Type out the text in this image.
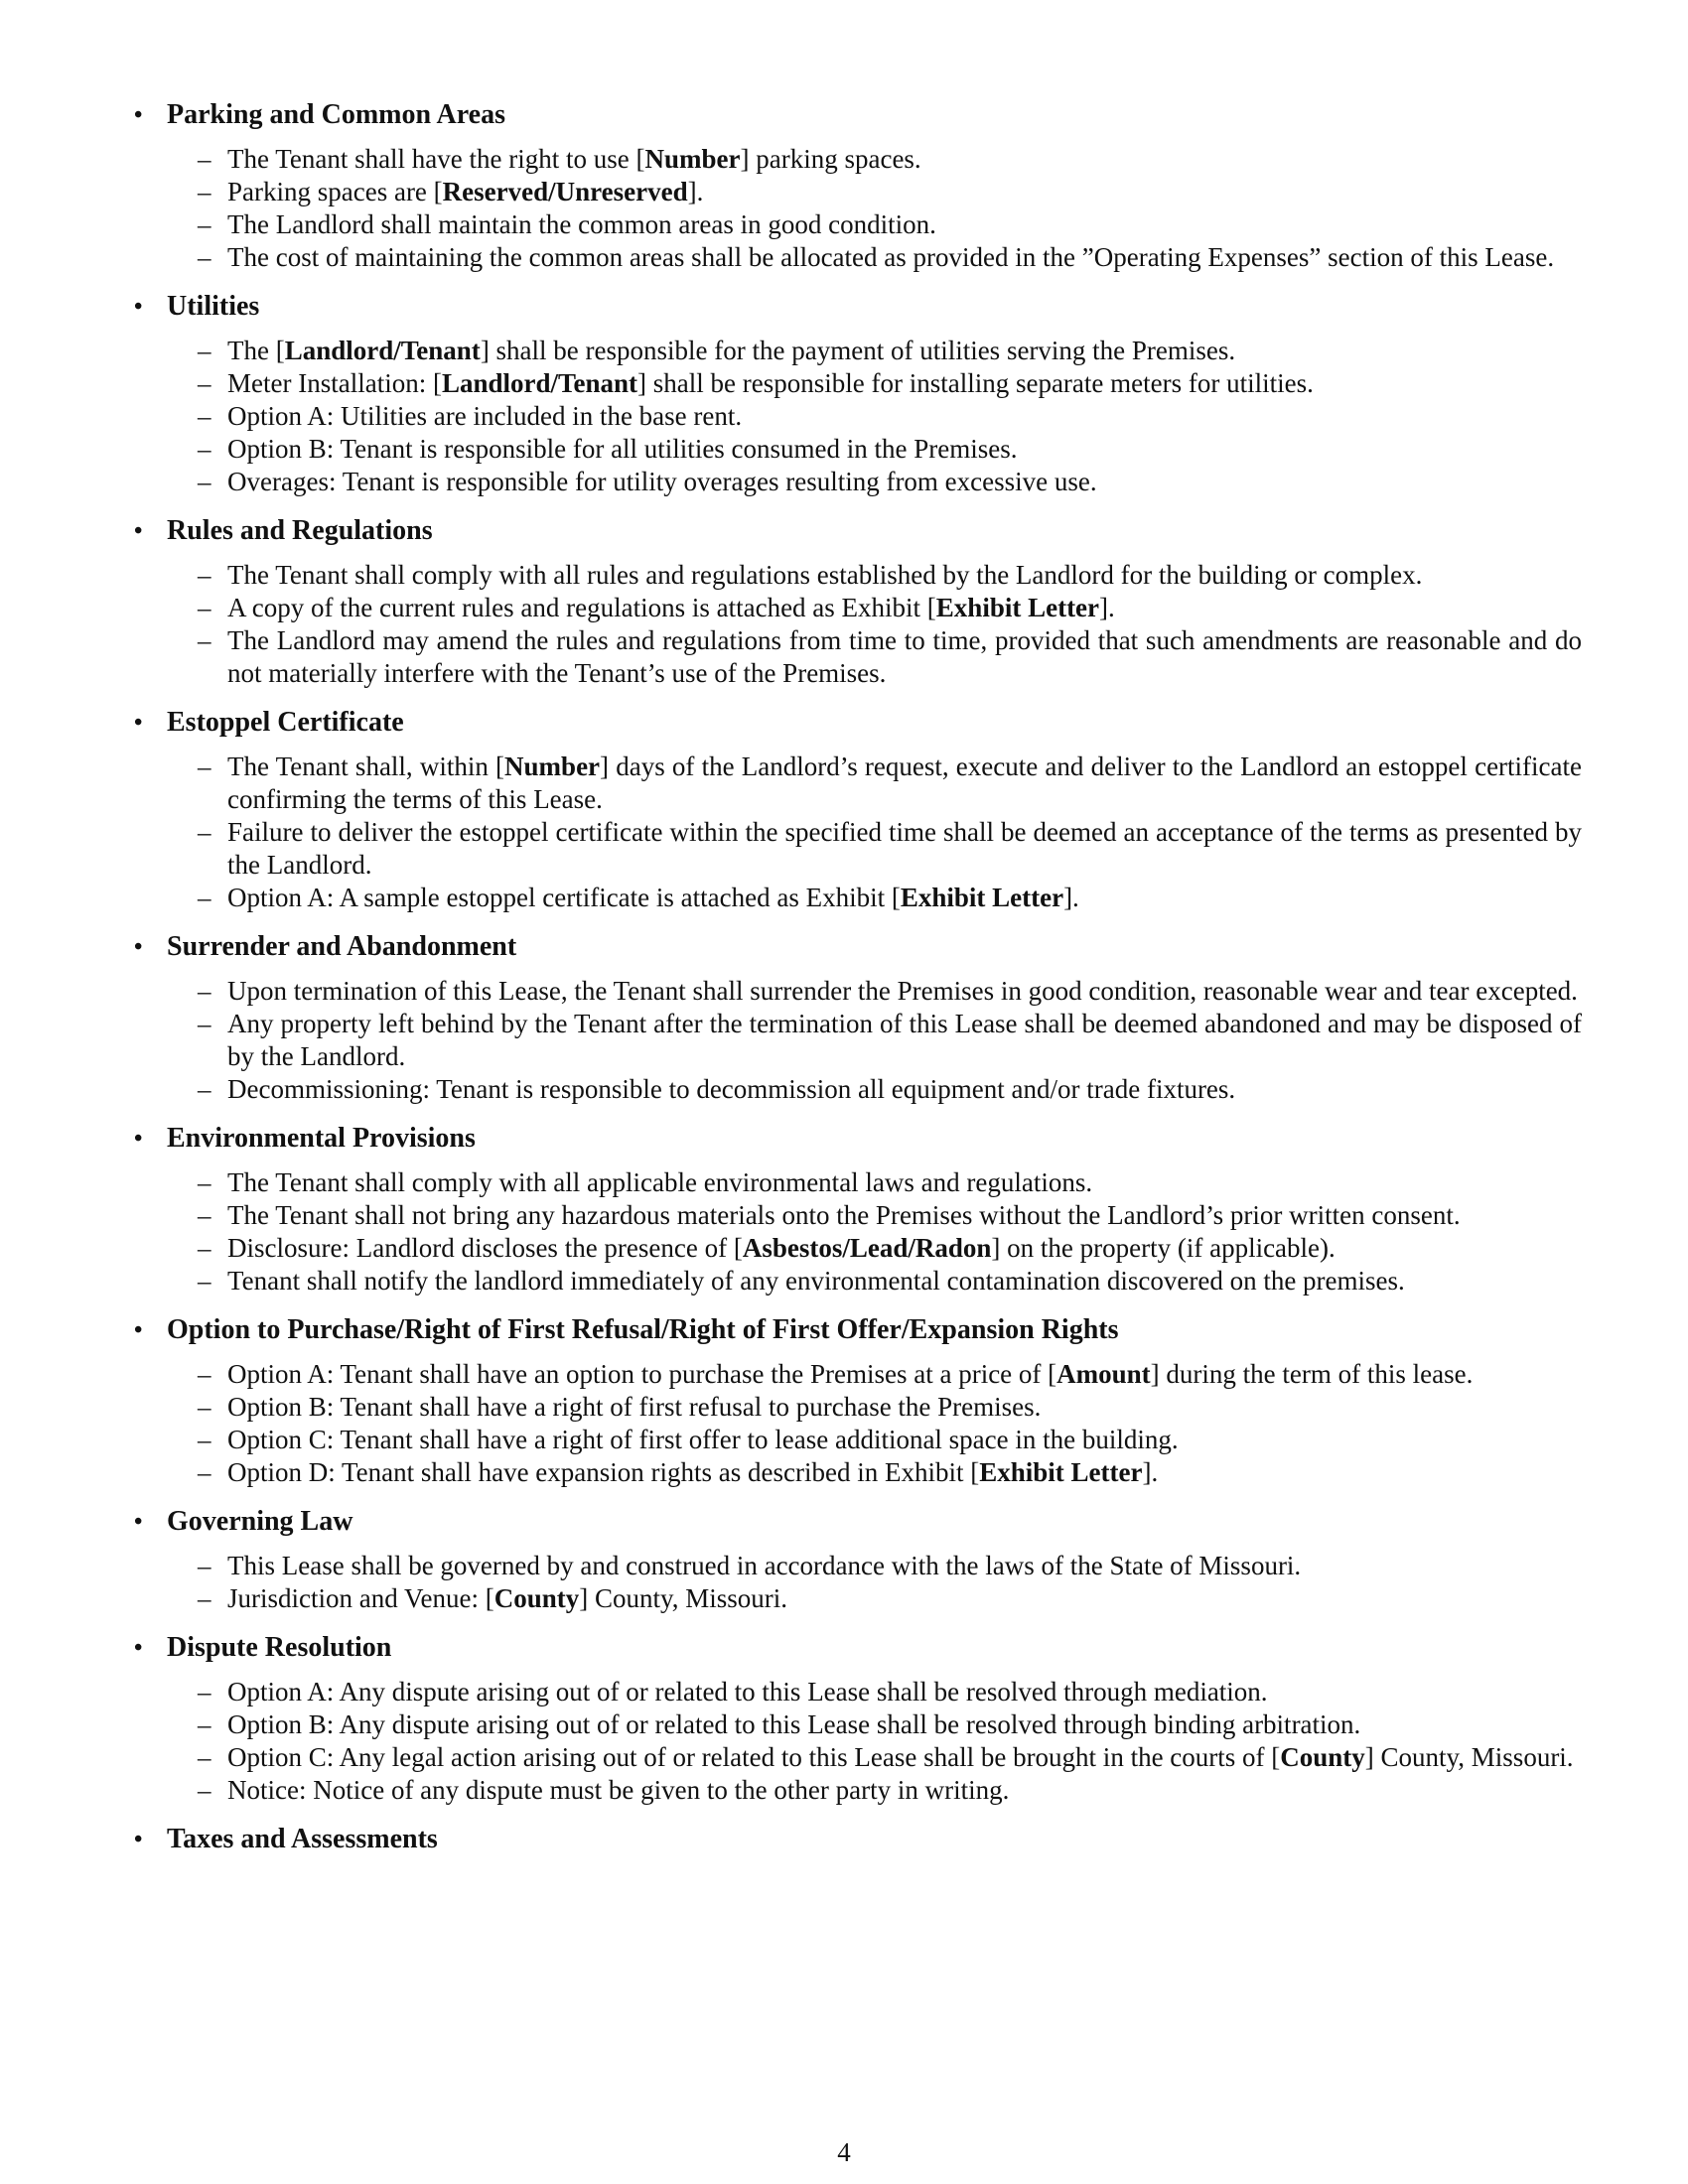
• Parking and Common Areas
– The Tenant shall have the right to use [Number] parking spaces.
– Parking spaces are [Reserved/Unreserved].
– The Landlord shall maintain the common areas in good condition.
– The cost of maintaining the common areas shall be allocated as provided in the ”Operating Expenses” section of this Lease.
• Utilities
– The [Landlord/Tenant] shall be responsible for the payment of utilities serving the Premises.
– Meter Installation: [Landlord/Tenant] shall be responsible for installing separate meters for utilities.
– Option A: Utilities are included in the base rent.
– Option B: Tenant is responsible for all utilities consumed in the Premises.
– Overages: Tenant is responsible for utility overages resulting from excessive use.
• Rules and Regulations
– The Tenant shall comply with all rules and regulations established by the Landlord for the building or complex.
– A copy of the current rules and regulations is attached as Exhibit [Exhibit Letter].
– The Landlord may amend the rules and regulations from time to time, provided that such amendments are reasonable and do not materially interfere with the Tenant’s use of the Premises.
• Estoppel Certificate
– The Tenant shall, within [Number] days of the Landlord’s request, execute and deliver to the Landlord an estoppel certificate confirming the terms of this Lease.
– Failure to deliver the estoppel certificate within the specified time shall be deemed an acceptance of the terms as presented by the Landlord.
– Option A: A sample estoppel certificate is attached as Exhibit [Exhibit Letter].
• Surrender and Abandonment
– Upon termination of this Lease, the Tenant shall surrender the Premises in good condition, reasonable wear and tear excepted.
– Any property left behind by the Tenant after the termination of this Lease shall be deemed abandoned and may be disposed of by the Landlord.
– Decommissioning: Tenant is responsible to decommission all equipment and/or trade fixtures.
• Environmental Provisions
– The Tenant shall comply with all applicable environmental laws and regulations.
– The Tenant shall not bring any hazardous materials onto the Premises without the Landlord’s prior written consent.
– Disclosure: Landlord discloses the presence of [Asbestos/Lead/Radon] on the property (if applicable).
– Tenant shall notify the landlord immediately of any environmental contamination discovered on the premises.
• Option to Purchase/Right of First Refusal/Right of First Offer/Expansion Rights
– Option A: Tenant shall have an option to purchase the Premises at a price of [Amount] during the term of this lease.
– Option B: Tenant shall have a right of first refusal to purchase the Premises.
– Option C: Tenant shall have a right of first offer to lease additional space in the building.
– Option D: Tenant shall have expansion rights as described in Exhibit [Exhibit Letter].
• Governing Law
– This Lease shall be governed by and construed in accordance with the laws of the State of Missouri.
– Jurisdiction and Venue: [County] County, Missouri.
• Dispute Resolution
– Option A: Any dispute arising out of or related to this Lease shall be resolved through mediation.
– Option B: Any dispute arising out of or related to this Lease shall be resolved through binding arbitration.
– Option C: Any legal action arising out of or related to this Lease shall be brought in the courts of [County] County, Missouri.
– Notice: Notice of any dispute must be given to the other party in writing.
• Taxes and Assessments
4
